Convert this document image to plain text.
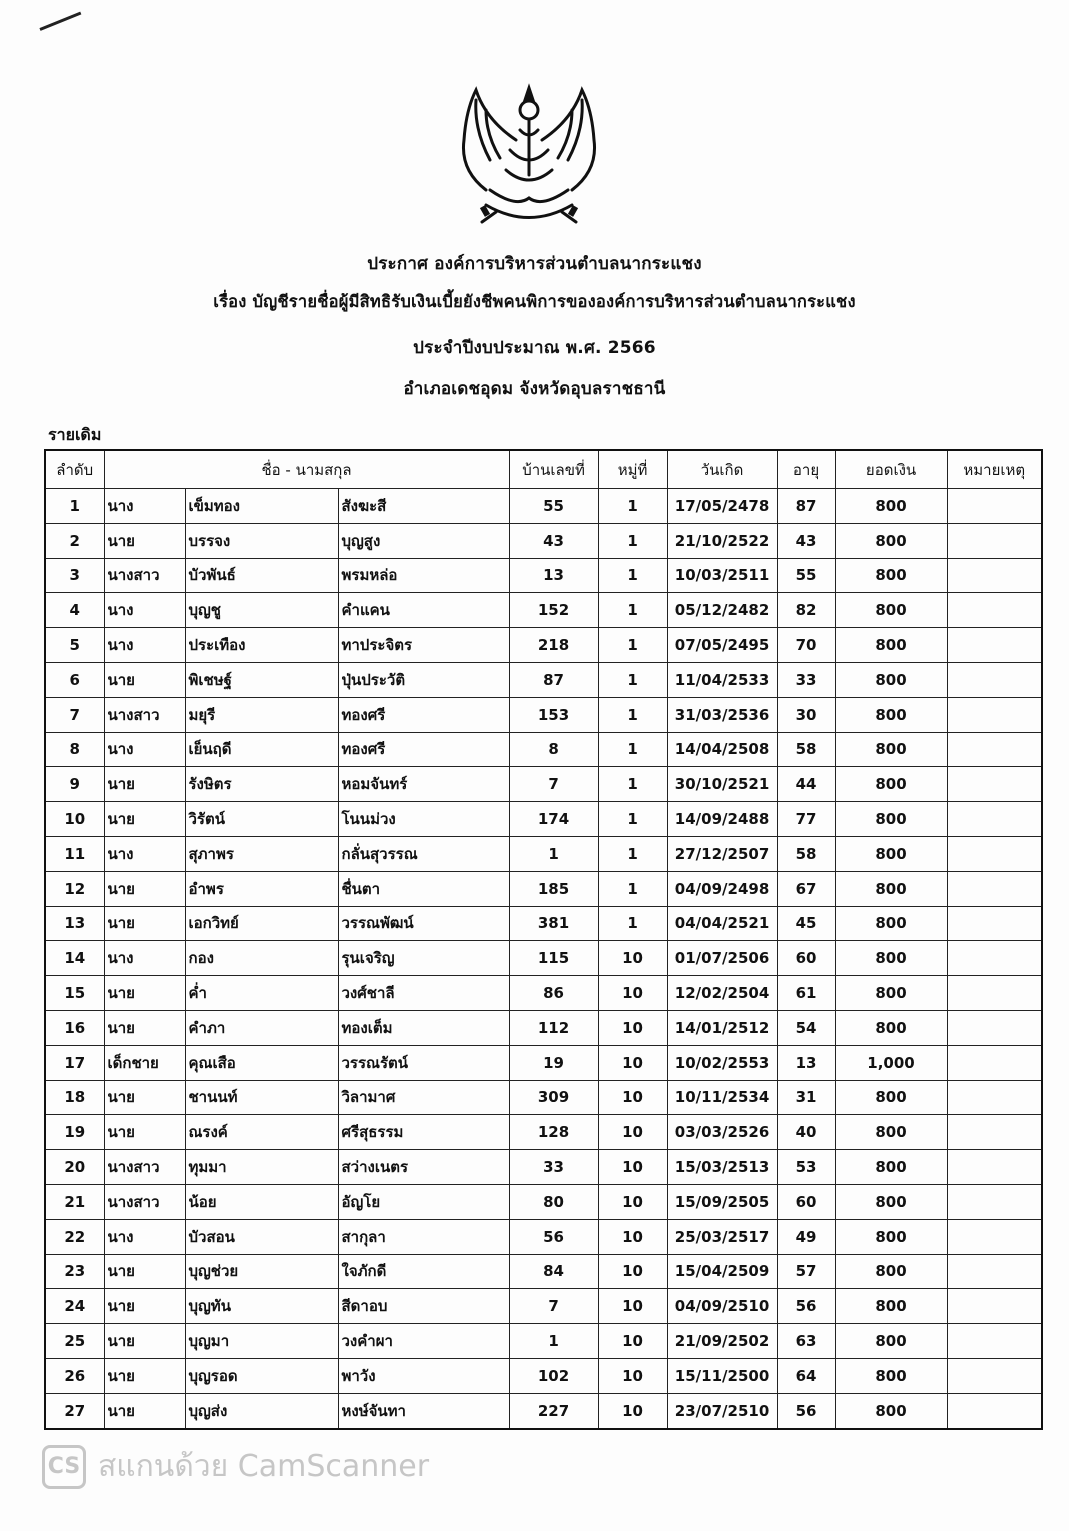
ประกาศ องค์การบริหารส่วนตำบลนากระแชง
เรื่อง บัญชีรายชื่อผู้มีสิทธิรับเงินเบี้ยยังชีพคนพิการขององค์การบริหารส่วนตำบลนากระแชง
ประจำปีงบประมาณ พ.ศ. 2566
อำเภอเดชอุดม จังหวัดอุบลราชธานี
รายเดิม
ลำดับ	ชื่อ - นามสกุล			บ้านเลขที่	หมู่ที่	วันเกิด	อายุ	ยอดเงิน	หมายเหตุ
1	นาง	เข็มทอง	สังฆะสี	55	1	17/05/2478	87	800	
2	นาย	บรรจง	บุญสูง	43	1	21/10/2522	43	800	
3	นางสาว	บัวพันธ์	พรมหล่อ	13	1	10/03/2511	55	800	
4	นาง	บุญชู	คำแคน	152	1	05/12/2482	82	800	
5	นาง	ประเทือง	ทาประจิตร	218	1	07/05/2495	70	800	
6	นาย	พิเชษฐ์	ปุ่นประวัติ	87	1	11/04/2533	33	800	
7	นางสาว	มยุรี	ทองศรี	153	1	31/03/2536	30	800	
8	นาง	เย็นฤดี	ทองศรี	8	1	14/04/2508	58	800	
9	นาย	รังษิตร	หอมจันทร์	7	1	30/10/2521	44	800	
10	นาย	วิรัตน์	โนนม่วง	174	1	14/09/2488	77	800	
11	นาง	สุภาพร	กลั่นสุวรรณ	1	1	27/12/2507	58	800	
12	นาย	อำพร	ชื่นตา	185	1	04/09/2498	67	800	
13	นาย	เอกวิทย์	วรรณพัฒน์	381	1	04/04/2521	45	800	
14	นาง	กอง	รุนเจริญ	115	10	01/07/2506	60	800	
15	นาย	ค่ำ	วงศ์ชาลี	86	10	12/02/2504	61	800	
16	นาย	คำภา	ทองเต็ม	112	10	14/01/2512	54	800	
17	เด็กชาย	คุณเสือ	วรรณรัตน์	19	10	10/02/2553	13	1,000	
18	นาย	ชานนท์	วิลามาศ	309	10	10/11/2534	31	800	
19	นาย	ณรงค์	ศรีสุธรรม	128	10	03/03/2526	40	800	
20	นางสาว	ทุมมา	สว่างเนตร	33	10	15/03/2513	53	800	
21	นางสาว	น้อย	อัญโย	80	10	15/09/2505	60	800	
22	นาง	บัวสอน	สากุลา	56	10	25/03/2517	49	800	
23	นาย	บุญช่วย	ใจภักดี	84	10	15/04/2509	57	800	
24	นาย	บุญทัน	สีดาอบ	7	10	04/09/2510	56	800	
25	นาย	บุญมา	วงคำผา	1	10	21/09/2502	63	800	
26	นาย	บุญรอด	พาวัง	102	10	15/11/2500	64	800	
27	นาย	บุญส่ง	หงษ์จันทา	227	10	23/07/2510	56	800	
CS สแกนด้วย CamScanner
